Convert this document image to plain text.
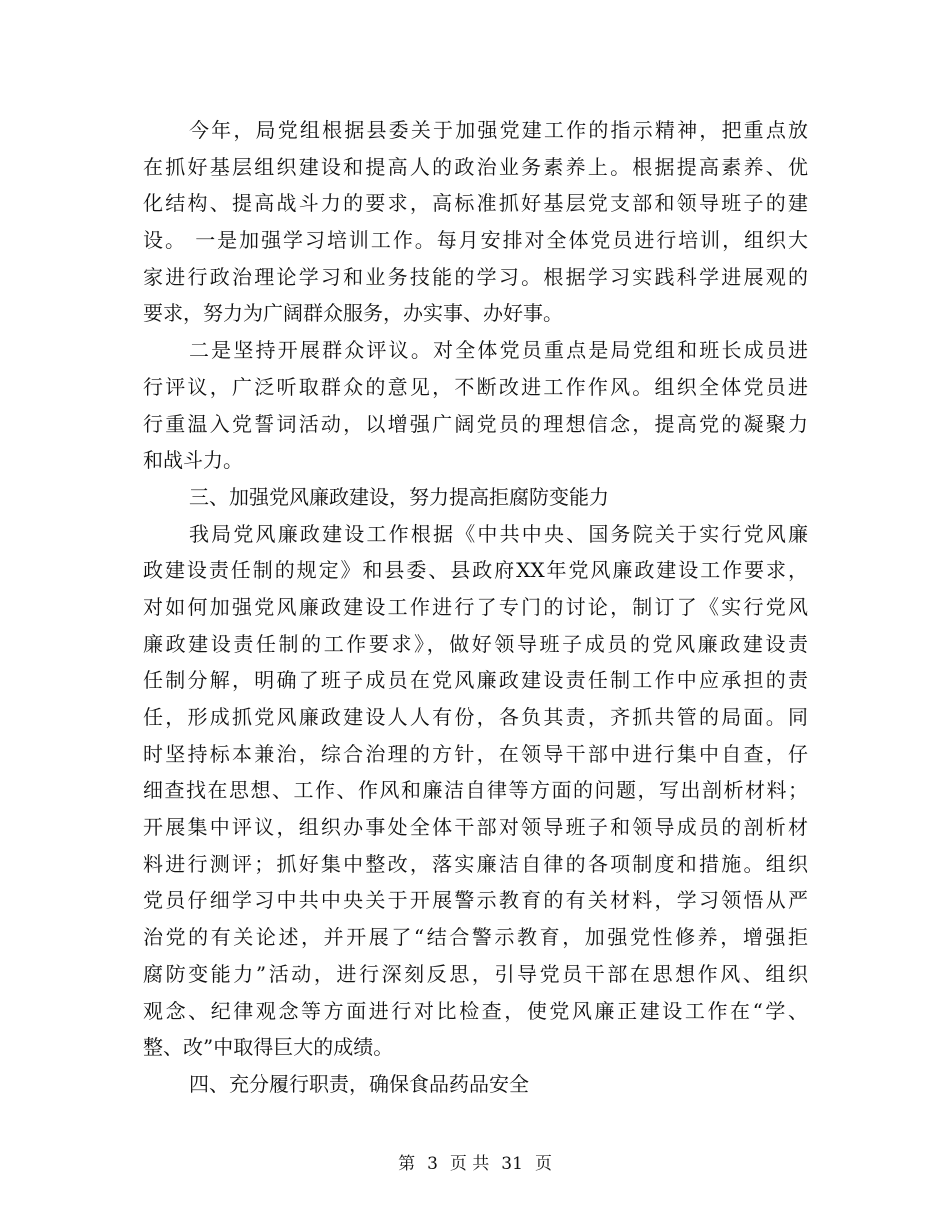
今年，局党组根据县委关于加强党建工作的指示精神，把重点放
在抓好基层组织建设和提高人的政治业务素养上。根据提高素养、优
化结构、提高战斗力的要求，高标准抓好基层党支部和领导班子的建
设。 一是加强学习培训工作。每月安排对全体党员进行培训，组织大
家进行政治理论学习和业务技能的学习。根据学习实践科学进展观的
要求，努力为广阔群众服务，办实事、办好事。
二是坚持开展群众评议。对全体党员重点是局党组和班长成员进
行评议，广泛听取群众的意见，不断改进工作作风。组织全体党员进
行重温入党誓词活动，以增强广阔党员的理想信念，提高党的凝聚力
和战斗力。
三、加强党风廉政建设，努力提高拒腐防变能力
我局党风廉政建设工作根据《中共中央、国务院关于实行党风廉
政建设责任制的规定》和县委、县政府XX年党风廉政建设工作要求，
对如何加强党风廉政建设工作进行了专门的讨论，制订了《实行党风
廉政建设责任制的工作要求》，做好领导班子成员的党风廉政建设责
任制分解，明确了班子成员在党风廉政建设责任制工作中应承担的责
任，形成抓党风廉政建设人人有份，各负其责，齐抓共管的局面。同
时坚持标本兼治，综合治理的方针，在领导干部中进行集中自查，仔
细查找在思想、工作、作风和廉洁自律等方面的问题，写出剖析材料；
开展集中评议，组织办事处全体干部对领导班子和领导成员的剖析材
料进行测评；抓好集中整改，落实廉洁自律的各项制度和措施。组织
党员仔细学习中共中央关于开展警示教育的有关材料，学习领悟从严
治党的有关论述，并开展了“结合警示教育，加强党性修养，增强拒
腐防变能力”活动，进行深刻反思，引导党员干部在思想作风、组织
观念、纪律观念等方面进行对比检查，使党风廉正建设工作在“学、
整、改”中取得巨大的成绩。
四、充分履行职责，确保食品药品安全
第 3 页 共 31 页
